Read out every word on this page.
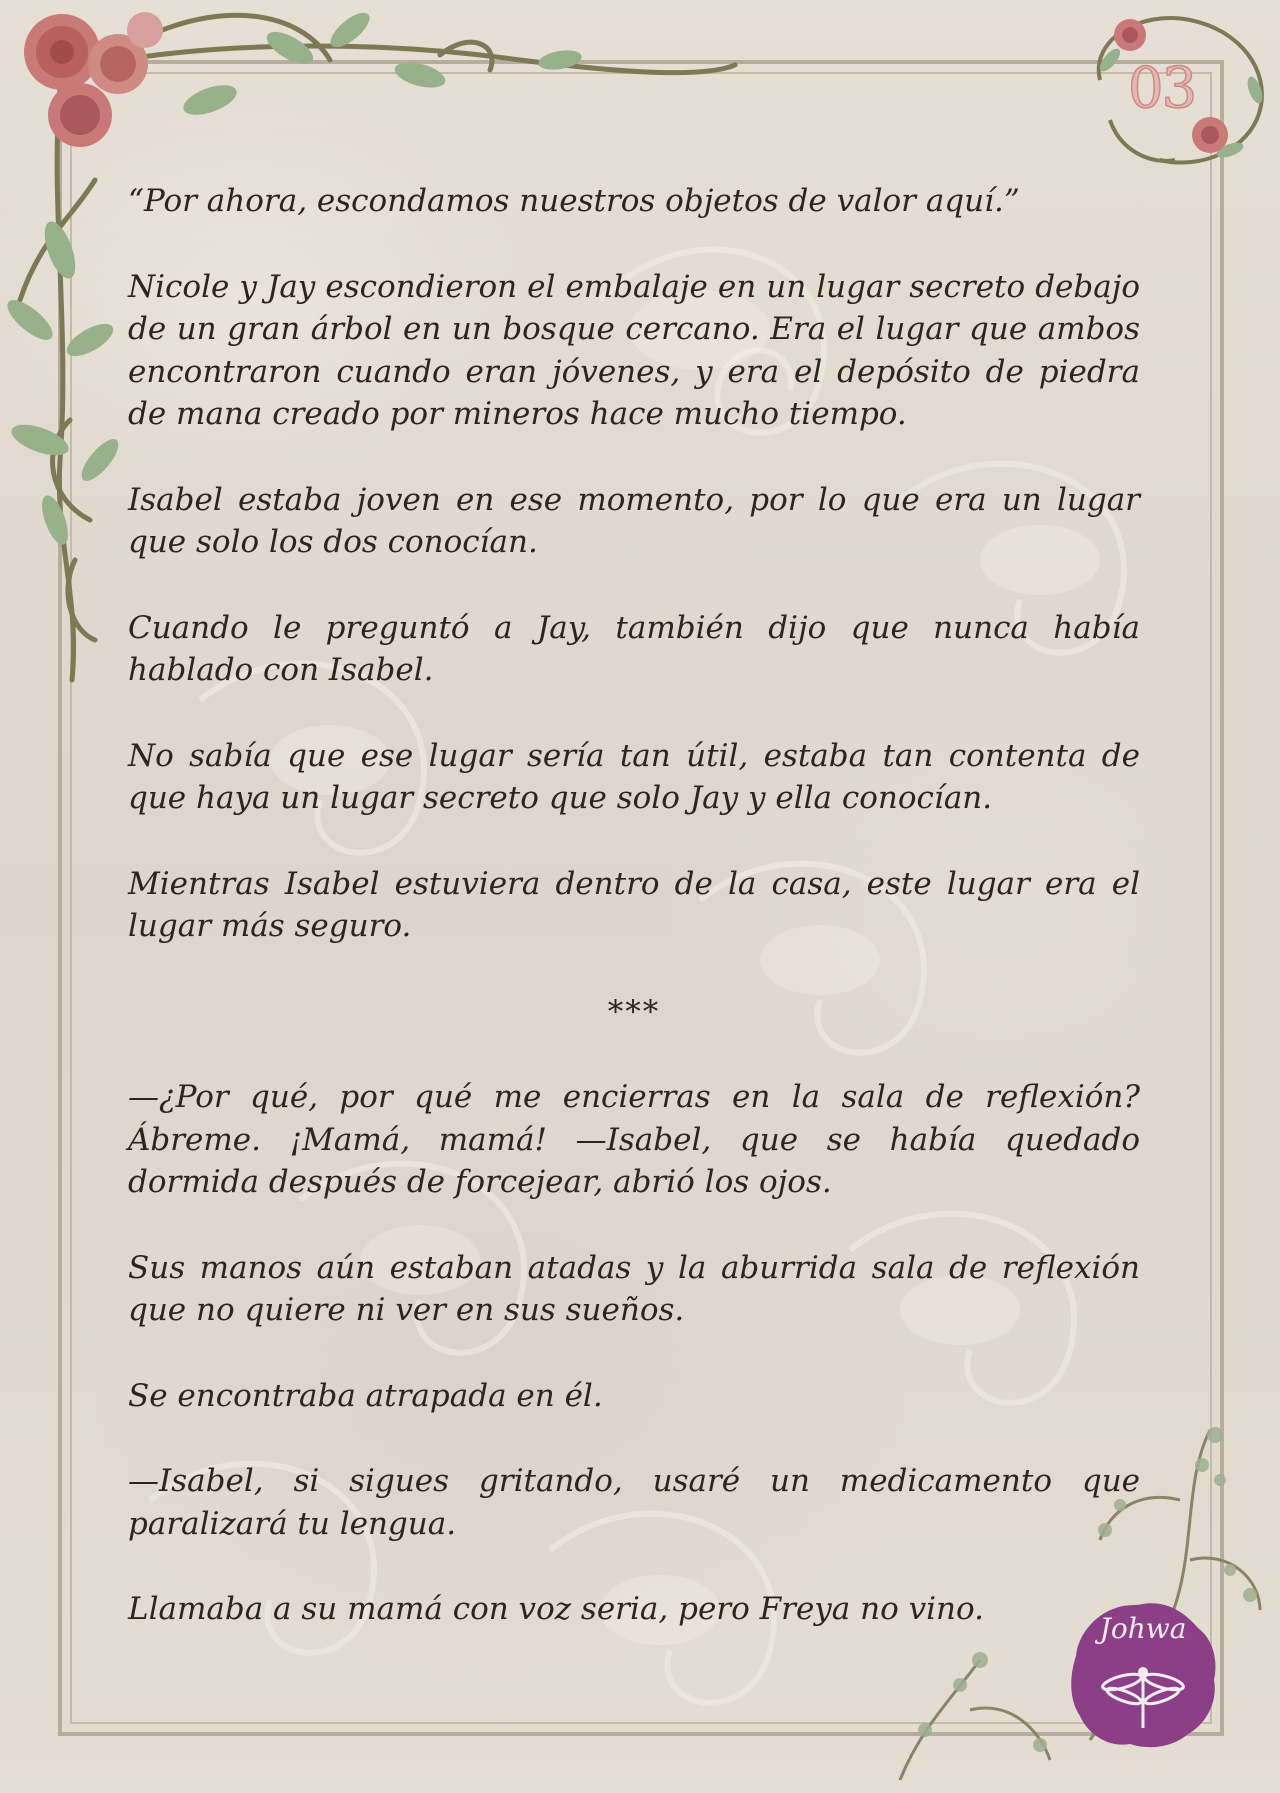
03
Johwa

“Por ahora, escondamos nuestros objetos de valor aquí.”

Nicole y Jay escondieron el embalaje en un lugar secreto debajo de un gran árbol en un bosque cercano. Era el lugar que ambos encontraron cuando eran jóvenes, y era el depósito de piedra de mana creado por mineros hace mucho tiempo.

Isabel estaba joven en ese momento, por lo que era un lugar que solo los dos conocían.

Cuando le preguntó a Jay, también dijo que nunca había hablado con Isabel.

No sabía que ese lugar sería tan útil, estaba tan contenta de que haya un lugar secreto que solo Jay y ella conocían.

Mientras Isabel estuviera dentro de la casa, este lugar era el lugar más seguro.

***

—¿Por qué, por qué me encierras en la sala de reflexión? Ábreme. ¡Mamá, mamá! —Isabel, que se había quedado dormida después de forcejear, abrió los ojos.

Sus manos aún estaban atadas y la aburrida sala de reflexión que no quiere ni ver en sus sueños.

Se encontraba atrapada en él.

—Isabel, si sigues gritando, usaré un medicamento que paralizará tu lengua.

Llamaba a su mamá con voz seria, pero Freya no vino.
